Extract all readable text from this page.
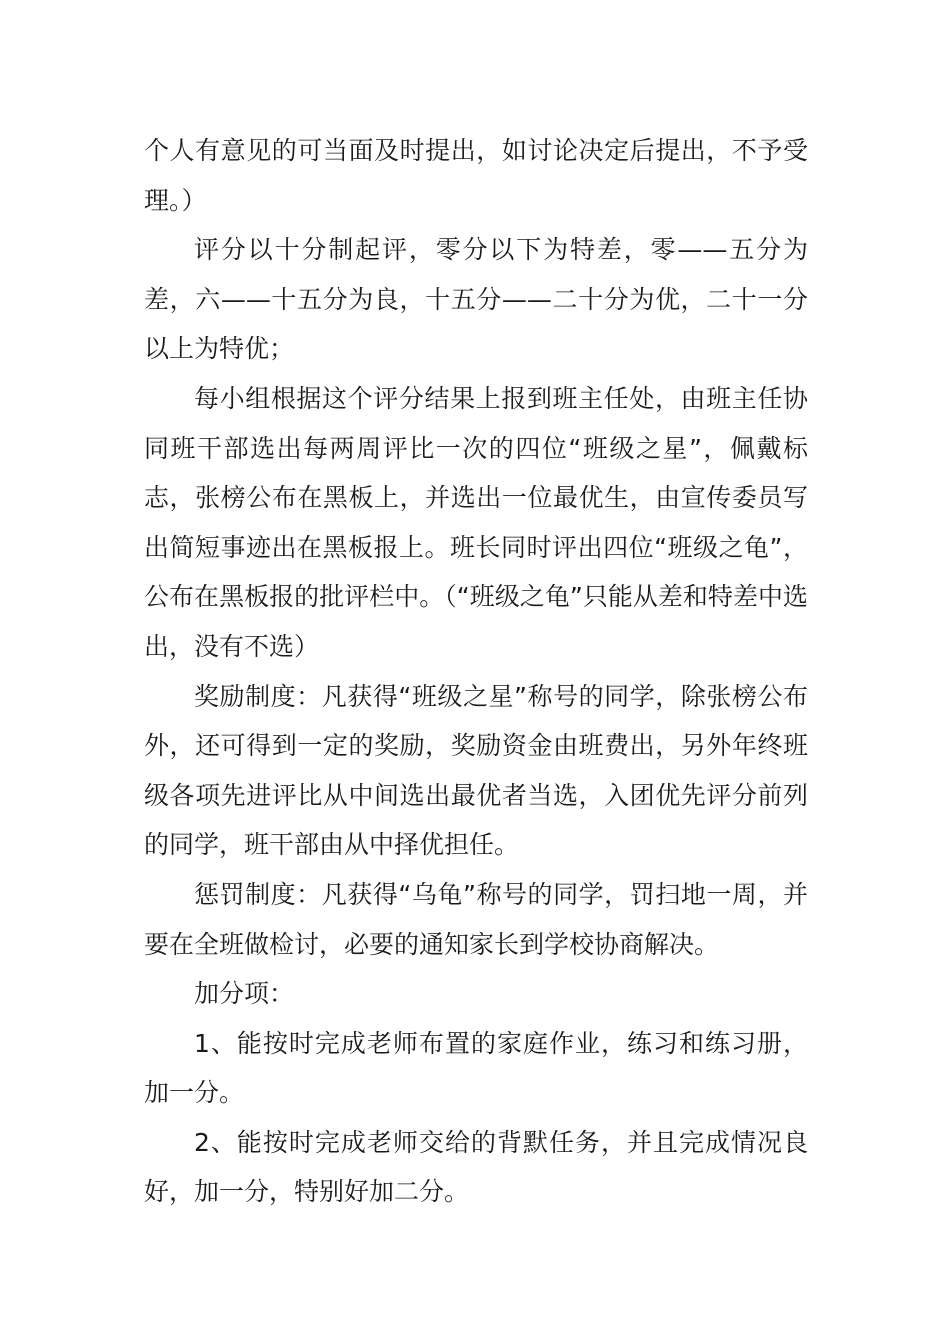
个人有意见的可当面及时提出，如讨论决定后提出，不予受理。）

评分以十分制起评，零分以下为特差，零——五分为差，六——十五分为良，十五分——二十分为优，二十一分以上为特优；

每小组根据这个评分结果上报到班主任处，由班主任协同班干部选出每两周评比一次的四位“班级之星”，佩戴标志，张榜公布在黑板上，并选出一位最优生，由宣传委员写出简短事迹出在黑板报上。班长同时评出四位“班级之龟”，公布在黑板报的批评栏中。（“班级之龟”只能从差和特差中选出，没有不选）

奖励制度：凡获得“班级之星”称号的同学，除张榜公布外，还可得到一定的奖励，奖励资金由班费出，另外年终班级各项先进评比从中间选出最优者当选，入团优先评分前列的同学，班干部由从中择优担任。

惩罚制度：凡获得“乌龟”称号的同学，罚扫地一周，并要在全班做检讨，必要的通知家长到学校协商解决。

加分项：

1、能按时完成老师布置的家庭作业，练习和练习册，加一分。

2、能按时完成老师交给的背默任务，并且完成情况良好，加一分，特别好加二分。
